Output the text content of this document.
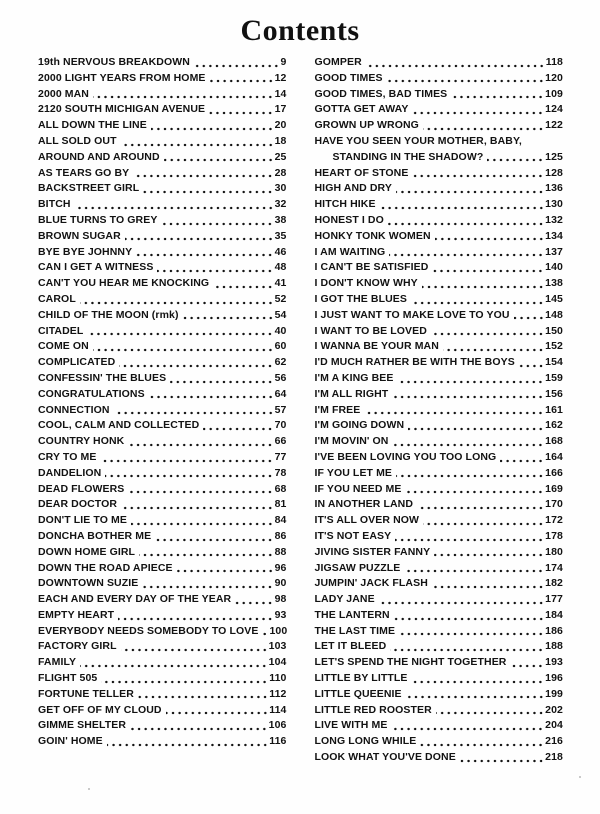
Contents
19th NERVOUS BREAKDOWN	9
2000 LIGHT YEARS FROM HOME	12
2000 MAN	14
2120 SOUTH MICHIGAN AVENUE	17
ALL DOWN THE LINE	20
ALL SOLD OUT	18
AROUND AND AROUND	25
AS TEARS GO BY	28
BACKSTREET GIRL	30
BITCH	32
BLUE TURNS TO GREY	38
BROWN SUGAR	35
BYE BYE JOHNNY	46
CAN I GET A WITNESS	48
CAN'T YOU HEAR ME KNOCKING	41
CAROL	52
CHILD OF THE MOON (rmk)	54
CITADEL	40
COME ON	60
COMPLICATED	62
CONFESSIN' THE BLUES	56
CONGRATULATIONS	64
CONNECTION	57
COOL, CALM AND COLLECTED	70
COUNTRY HONK	66
CRY TO ME	77
DANDELION	78
DEAD FLOWERS	68
DEAR DOCTOR	81
DON'T LIE TO ME	84
DONCHA BOTHER ME	86
DOWN HOME GIRL	88
DOWN THE ROAD APIECE	96
DOWNTOWN SUZIE	90
EACH AND EVERY DAY OF THE YEAR	98
EMPTY HEART	93
EVERYBODY NEEDS SOMEBODY TO LOVE 100
FACTORY GIRL	103
FAMILY	104
FLIGHT 505	110
FORTUNE TELLER	112
GET OFF OF MY CLOUD	114
GIMME SHELTER	106
GOIN' HOME	116
GOMPER	118
GOOD TIMES	120
GOOD TIMES, BAD TIMES	109
GOTTA GET AWAY	124
GROWN UP WRONG	122
HAVE YOU SEEN YOUR MOTHER, BABY,
STANDING IN THE SHADOW?	125
HEART OF STONE	128
HIGH AND DRY	136
HITCH HIKE	130
HONEST I DO	132
HONKY TONK WOMEN	134
I AM WAITING	137
I CAN'T BE SATISFIED	140
I DON'T KNOW WHY	138
I GOT THE BLUES	145
I JUST WANT TO MAKE LOVE TO YOU	148
I WANT TO BE LOVED	150
I WANNA BE YOUR MAN	152
I'D MUCH RATHER BE WITH THE BOYS	154
I'M A KING BEE	159
I'M ALL RIGHT	156
I'M FREE	161
I'M GOING DOWN	162
I'M MOVIN' ON	168
I'VE BEEN LOVING YOU TOO LONG	164
IF YOU LET ME	166
IF YOU NEED ME	169
IN ANOTHER LAND	170
IT'S ALL OVER NOW	172
IT'S NOT EASY	178
JIVING SISTER FANNY	180
JIGSAW PUZZLE	174
JUMPIN' JACK FLASH	182
LADY JANE	177
THE LANTERN	184
THE LAST TIME	186
LET IT BLEED	188
LET'S SPEND THE NIGHT TOGETHER	193
LITTLE BY LITTLE	196
LITTLE QUEENIE	199
LITTLE RED ROOSTER	202
LIVE WITH ME	204
LONG LONG WHILE	216
LOOK WHAT YOU'VE DONE	218
